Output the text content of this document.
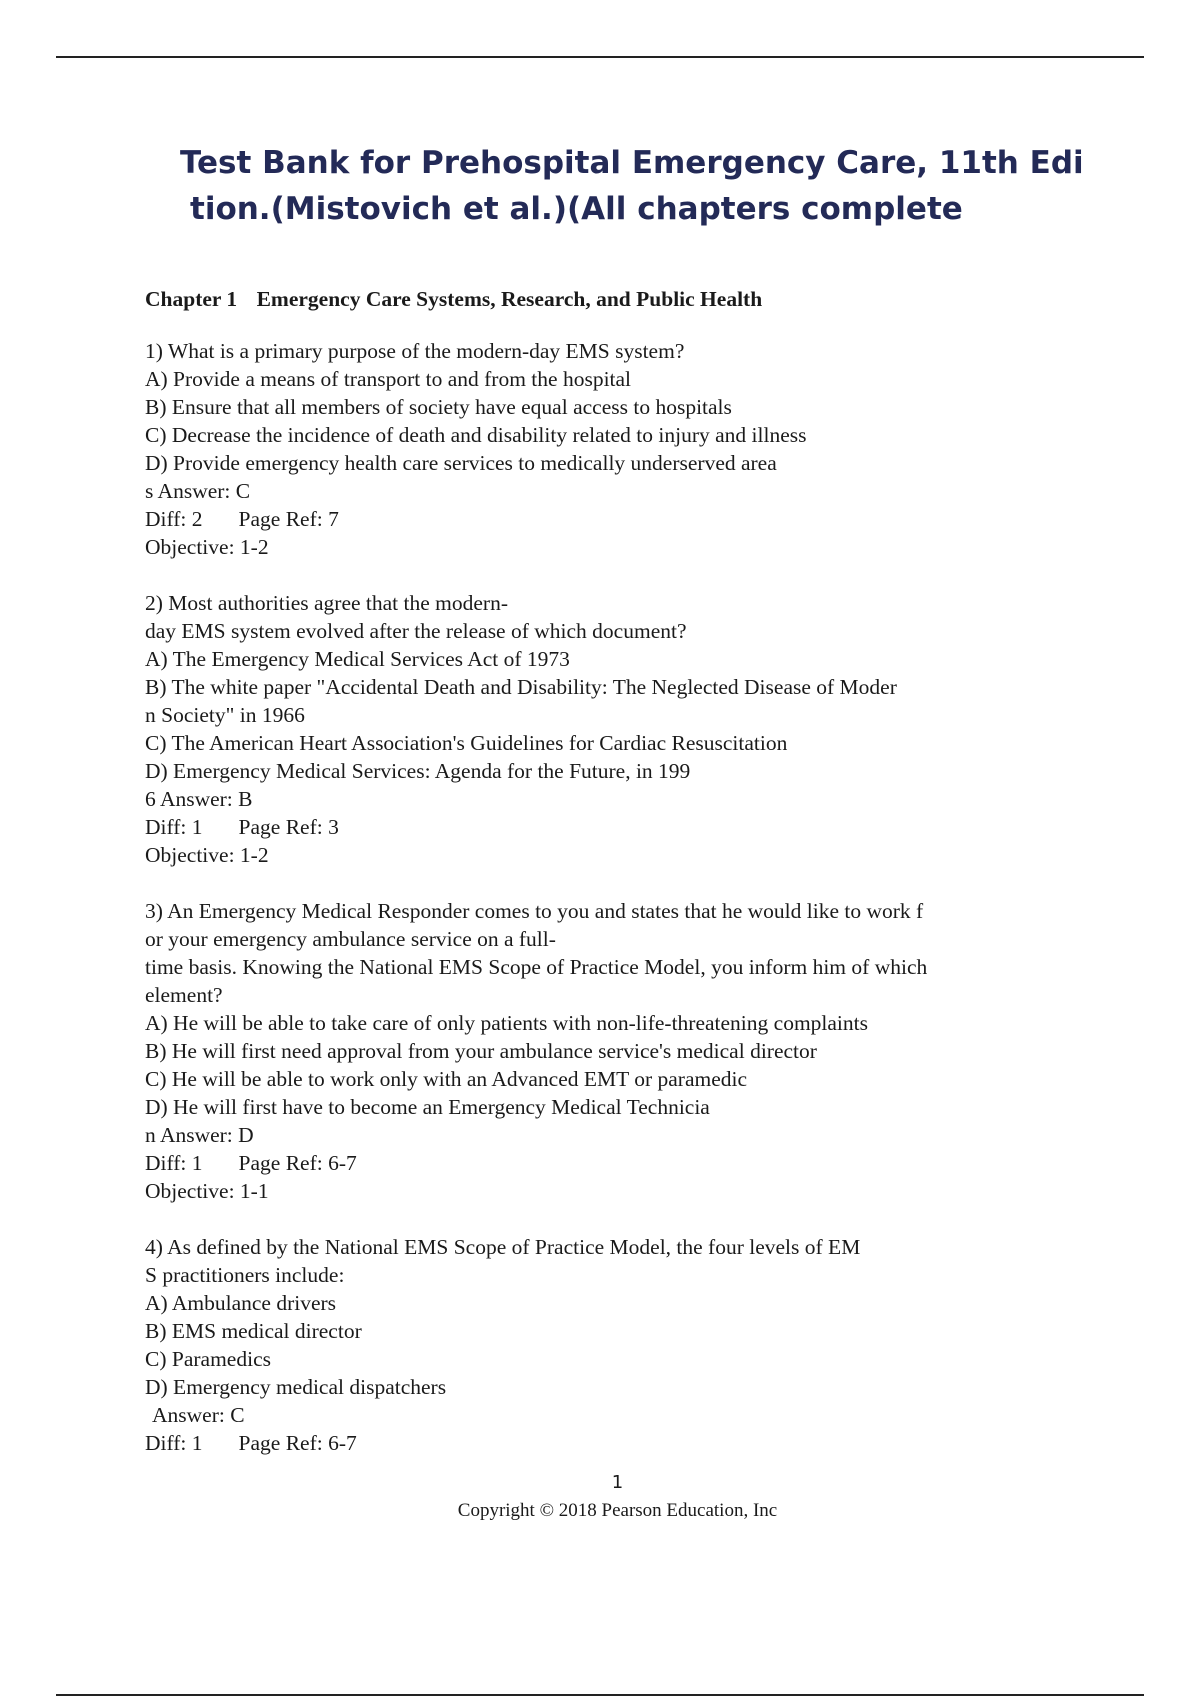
Test Bank for Prehospital Emergency Care, 11th Edi
tion.(Mistovich et al.)(All chapters complete
Chapter 1 Emergency Care Systems, Research, and Public Health
1) What is a primary purpose of the modern-day EMS system?
A) Provide a means of transport to and from the hospital
B) Ensure that all members of society have equal access to hospitals
C) Decrease the incidence of death and disability related to injury and illness
D) Provide emergency health care services to medically underserved area
s Answer: C
Diff: 2 Page Ref: 7
Objective: 1-2
2) Most authorities agree that the modern-
day EMS system evolved after the release of which document?
A) The Emergency Medical Services Act of 1973
B) The white paper "Accidental Death and Disability: The Neglected Disease of Moder
n Society" in 1966
C) The American Heart Association's Guidelines for Cardiac Resuscitation
D) Emergency Medical Services: Agenda for the Future, in 199
6 Answer: B
Diff: 1 Page Ref: 3
Objective: 1-2
3) An Emergency Medical Responder comes to you and states that he would like to work f
or your emergency ambulance service on a full-
time basis. Knowing the National EMS Scope of Practice Model, you inform him of which
element?
A) He will be able to take care of only patients with non-life-threatening complaints
B) He will first need approval from your ambulance service's medical director
C) He will be able to work only with an Advanced EMT or paramedic
D) He will first have to become an Emergency Medical Technicia
n Answer: D
Diff: 1 Page Ref: 6-7
Objective: 1-1
4) As defined by the National EMS Scope of Practice Model, the four levels of EM
S practitioners include:
A) Ambulance drivers
B) EMS medical director
C) Paramedics
D) Emergency medical dispatchers
Answer: C
Diff: 1 Page Ref: 6-7
1
Copyright © 2018 Pearson Education, Inc
